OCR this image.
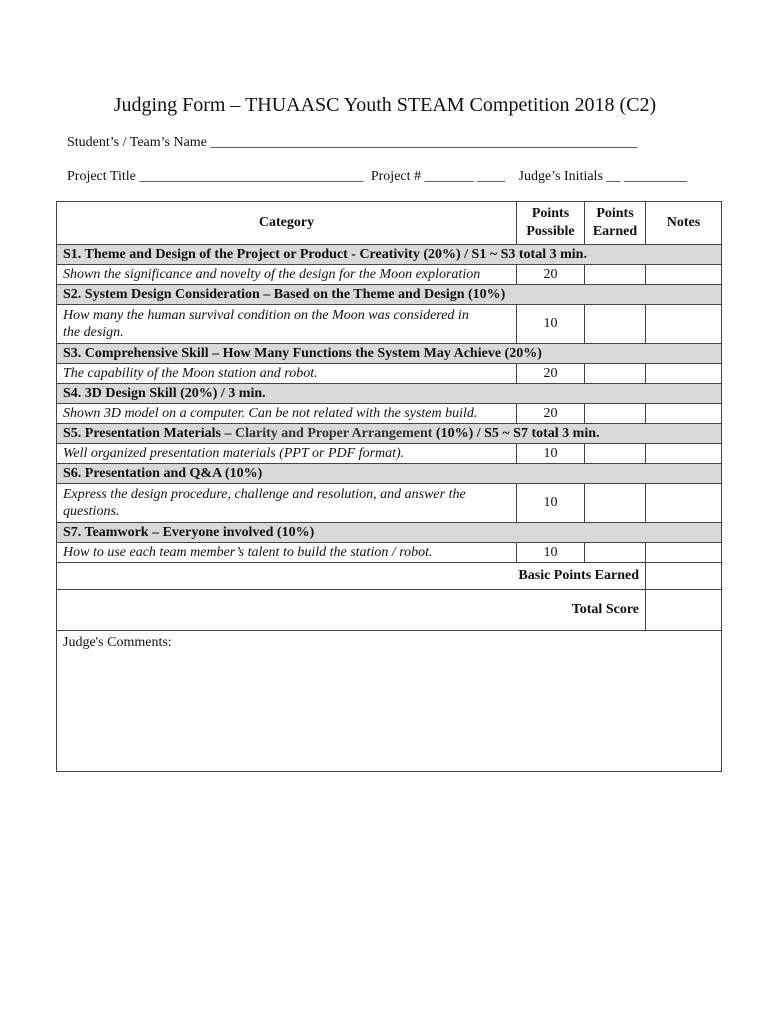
Judging Form – THUAASC Youth STEAM Competition 2018 (C2)
Student’s / Team’s Name _____________________________________________________________
Project Title ________________________________ Project # _______ ____ Judge’s Initials __ _________
Category	Points Possible	Points Earned	Notes
S1. Theme and Design of the Project or Product - Creativity (20%) / S1 ~ S3 total 3 min.			
Shown the significance and novelty of the design for the Moon exploration	20		
S2. System Design Consideration – Based on the Theme and Design (10%)			
How many the human survival condition on the Moon was considered in the design.	10		
S3. Comprehensive Skill – How Many Functions the System May Achieve (20%)			
The capability of the Moon station and robot.	20		
S4. 3D Design Skill (20%) / 3 min.			
Shown 3D model on a computer. Can be not related with the system build.	20		
S5. Presentation Materials – Clarity and Proper Arrangement (10%) / S5 ~ S7 total 3 min.			
Well organized presentation materials (PPT or PDF format).	10		
S6. Presentation and Q&A (10%)			
Express the design procedure, challenge and resolution, and answer the questions.	10		
S7. Teamwork – Everyone involved (10%)			
How to use each team member’s talent to build the station / robot.	10		
Basic Points Earned			
Total Score			
Judge's Comments:			
